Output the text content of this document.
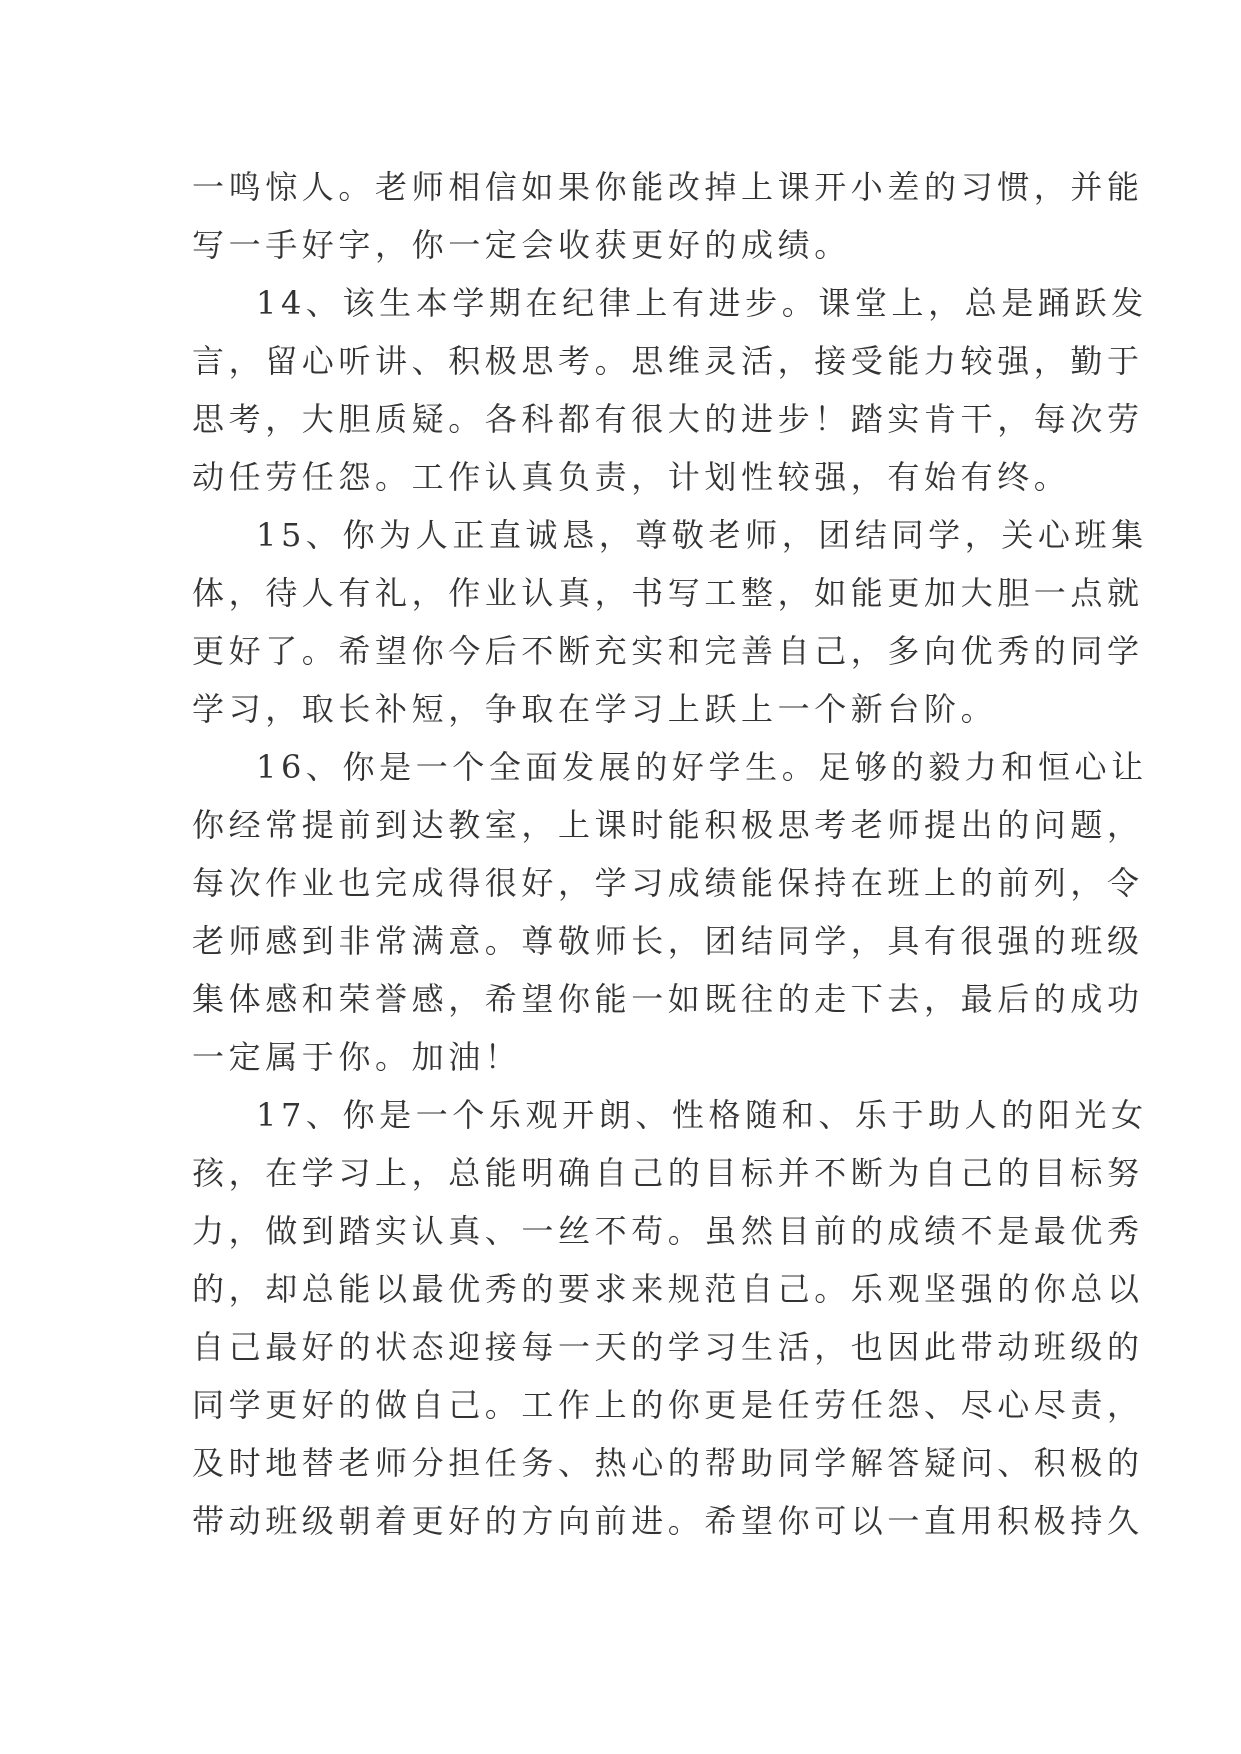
一鸣惊人。老师相信如果你能改掉上课开小差的习惯，并能
写一手好字，你一定会收获更好的成绩。
14、该生本学期在纪律上有进步。课堂上，总是踊跃发
言，留心听讲、积极思考。思维灵活，接受能力较强，勤于
思考，大胆质疑。各科都有很大的进步！踏实肯干，每次劳
动任劳任怨。工作认真负责，计划性较强，有始有终。
15、你为人正直诚恳，尊敬老师，团结同学，关心班集
体，待人有礼，作业认真，书写工整，如能更加大胆一点就
更好了。希望你今后不断充实和完善自己，多向优秀的同学
学习，取长补短，争取在学习上跃上一个新台阶。
16、你是一个全面发展的好学生。足够的毅力和恒心让
你经常提前到达教室，上课时能积极思考老师提出的问题，
每次作业也完成得很好，学习成绩能保持在班上的前列，令
老师感到非常满意。尊敬师长，团结同学，具有很强的班级
集体感和荣誉感，希望你能一如既往的走下去，最后的成功
一定属于你。加油！
17、你是一个乐观开朗、性格随和、乐于助人的阳光女
孩，在学习上，总能明确自己的目标并不断为自己的目标努
力，做到踏实认真、一丝不苟。虽然目前的成绩不是最优秀
的，却总能以最优秀的要求来规范自己。乐观坚强的你总以
自己最好的状态迎接每一天的学习生活，也因此带动班级的
同学更好的做自己。工作上的你更是任劳任怨、尽心尽责，
及时地替老师分担任务、热心的帮助同学解答疑问、积极的
带动班级朝着更好的方向前进。希望你可以一直用积极持久
